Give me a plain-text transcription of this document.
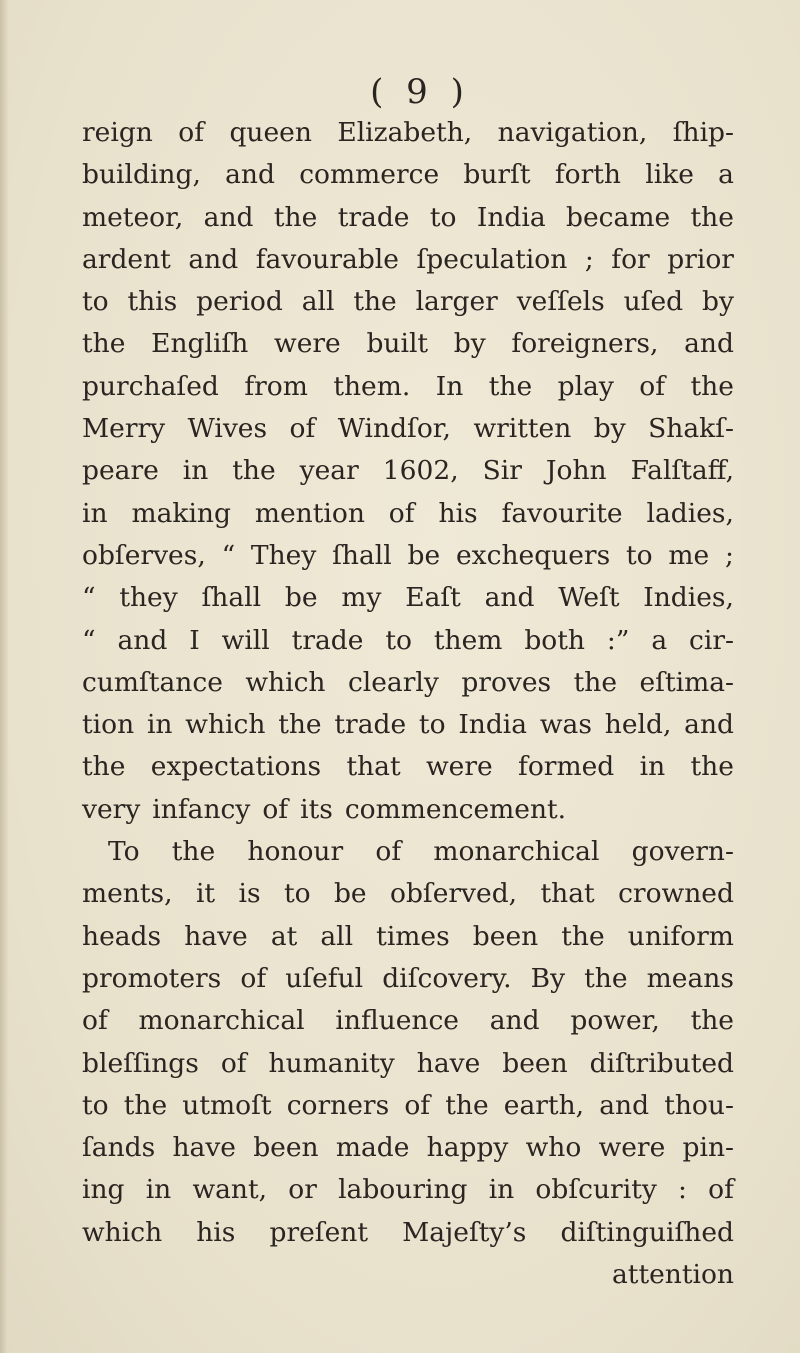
( 9 )
reign of queen Elizabeth, navigation, ſhip-
building, and commerce burſt forth like a
meteor, and the trade to India became the
ardent and favourable ſpeculation ; for prior
to this period all the larger veſſels uſed by
the Engliſh were built by foreigners, and
purchaſed from them. In the play of the
Merry Wives of Windſor, written by Shakſ-
peare in the year 1602, Sir John Falſtaff,
in making mention of his favourite ladies,
obſerves, “ They ſhall be exchequers to me ;
“ they ſhall be my Eaſt and Weſt Indies,
“ and I will trade to them both :” a cir-
cumſtance which clearly proves the eſtima-
tion in which the trade to India was held, and
the expectations that were formed in the
very infancy of its commencement.
To the honour of monarchical govern-
ments, it is to be obſerved, that crowned
heads have at all times been the uniform
promoters of uſeful diſcovery. By the means
of monarchical influence and power, the
bleſſings of humanity have been diſtributed
to the utmoſt corners of the earth, and thou-
ſands have been made happy who were pin-
ing in want, or labouring in obſcurity : of
which his preſent Majeſty’s diſtinguiſhed
attention
